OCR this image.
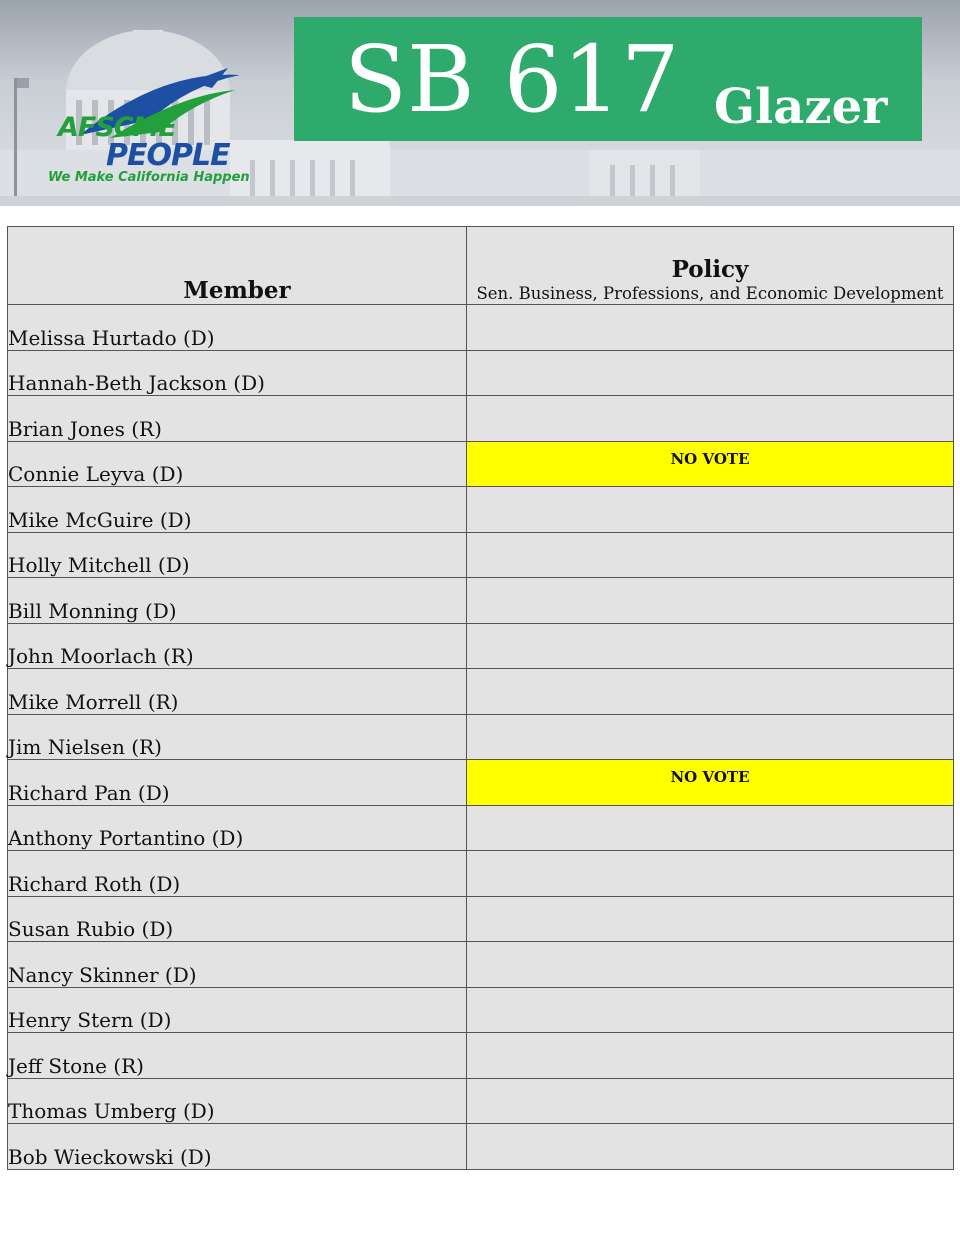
AFSCME
PEOPLE
We Make California Happen
SB 617 Glazer
Member	Policy
Sen. Business, Professions, and Economic Development

Melissa Hurtado (D)	
Hannah-Beth Jackson (D)	
Brian Jones (R)	
Connie Leyva (D)	NO VOTE

Mike McGuire (D)	
Holly Mitchell (D)	
Bill Monning (D)	
John Moorlach (R)	
Mike Morrell (R)	
Jim Nielsen (R)	
Richard Pan (D)	NO VOTE

Anthony Portantino (D)	
Richard Roth (D)	
Susan Rubio (D)	
Nancy Skinner (D)	
Henry Stern (D)	
Jeff Stone (R)	
Thomas Umberg (D)	
Bob Wieckowski (D)	
